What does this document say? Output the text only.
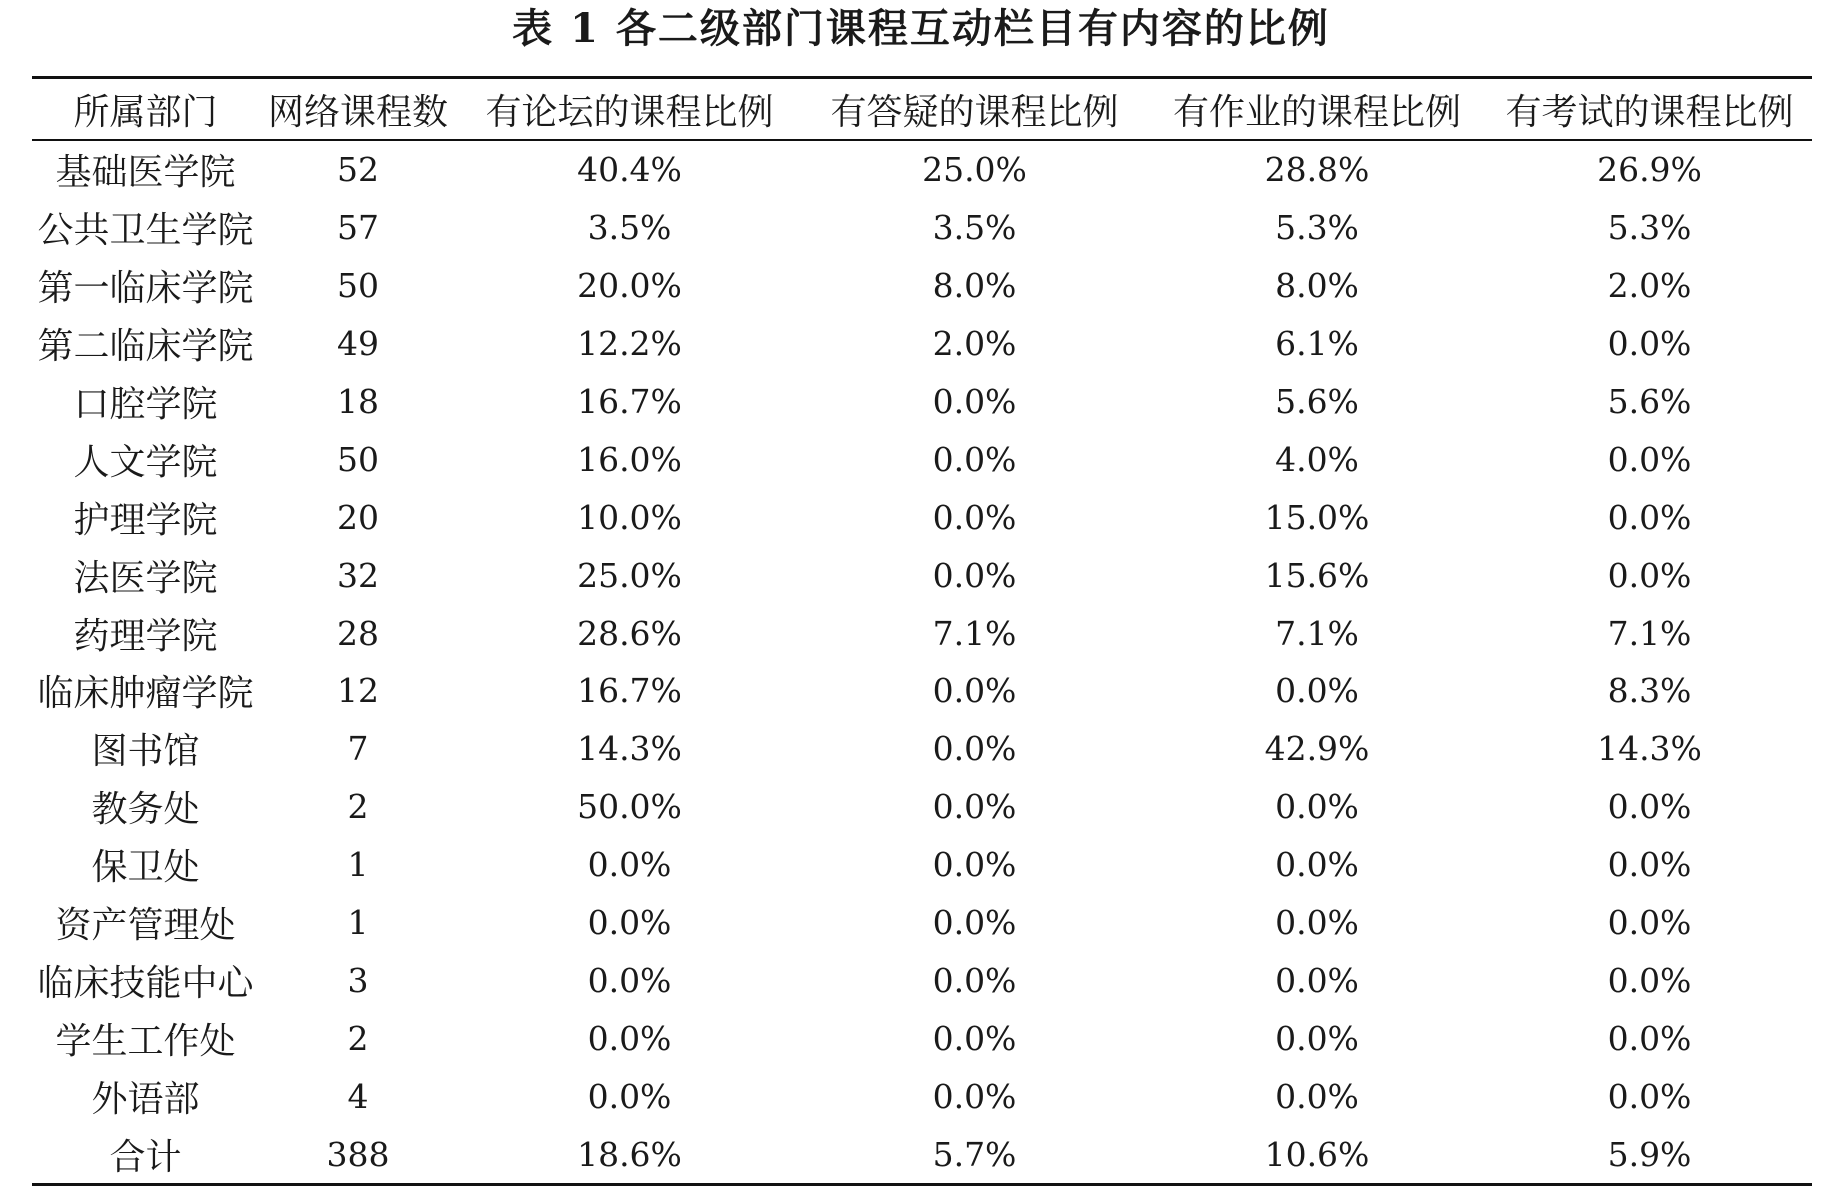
表 1 各二级部门课程互动栏目有内容的比例
所属部门	网络课程数	有论坛的课程比例	有答疑的课程比例	有作业的课程比例	有考试的课程比例
基础医学院	52	40.4%	25.0%	28.8%	26.9%
公共卫生学院	57	3.5%	3.5%	5.3%	5.3%
第一临床学院	50	20.0%	8.0%	8.0%	2.0%
第二临床学院	49	12.2%	2.0%	6.1%	0.0%
口腔学院	18	16.7%	0.0%	5.6%	5.6%
人文学院	50	16.0%	0.0%	4.0%	0.0%
护理学院	20	10.0%	0.0%	15.0%	0.0%
法医学院	32	25.0%	0.0%	15.6%	0.0%
药理学院	28	28.6%	7.1%	7.1%	7.1%
临床肿瘤学院	12	16.7%	0.0%	0.0%	8.3%
图书馆	7	14.3%	0.0%	42.9%	14.3%
教务处	2	50.0%	0.0%	0.0%	0.0%
保卫处	1	0.0%	0.0%	0.0%	0.0%
资产管理处	1	0.0%	0.0%	0.0%	0.0%
临床技能中心	3	0.0%	0.0%	0.0%	0.0%
学生工作处	2	0.0%	0.0%	0.0%	0.0%
外语部	4	0.0%	0.0%	0.0%	0.0%
合计	388	18.6%	5.7%	10.6%	5.9%
